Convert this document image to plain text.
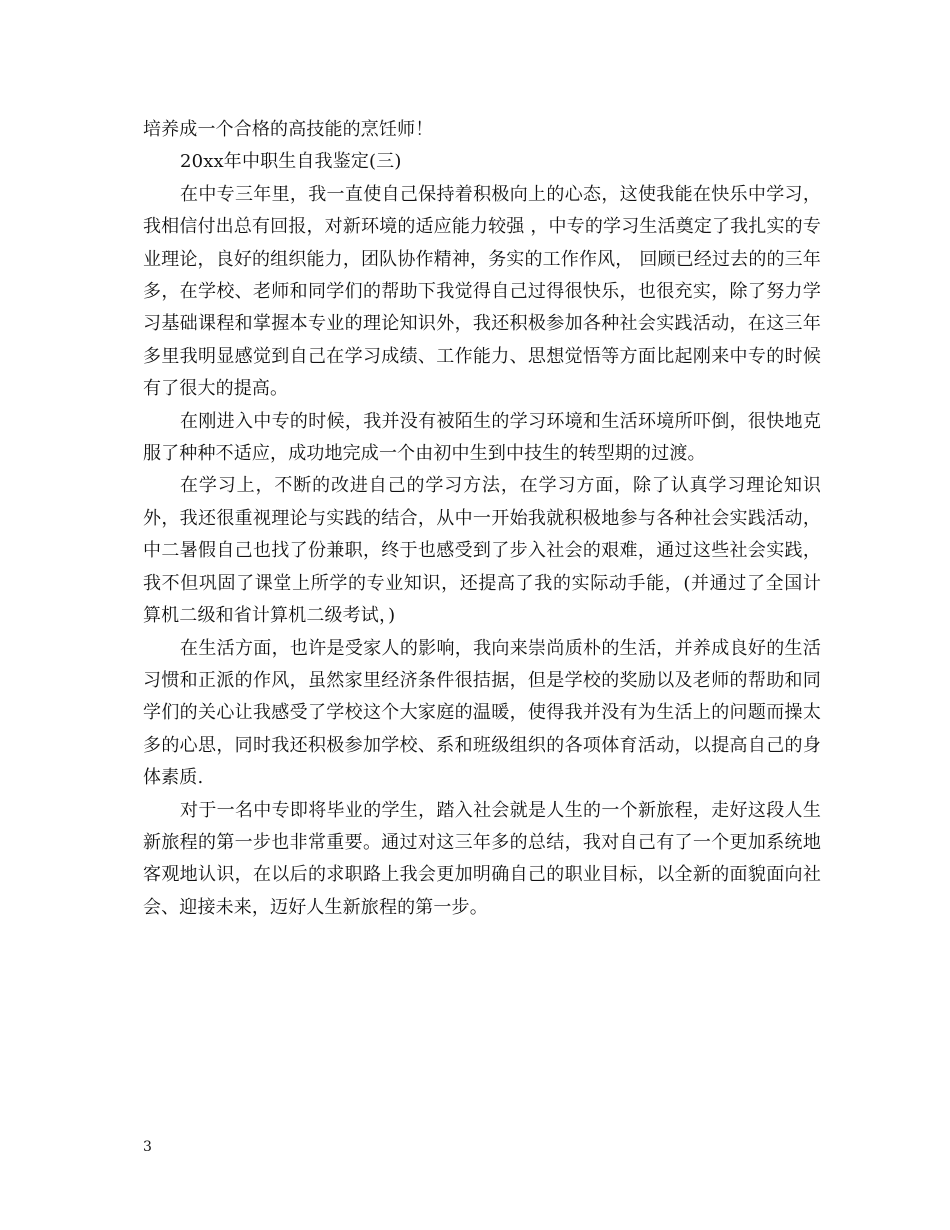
培养成一个合格的高技能的烹饪师！

20xx年中职生自我鉴定(三)

在中专三年里，我一直使自己保持着积极向上的心态，这使我能在快乐中学习，我相信付出总有回报，对新环境的适应能力较强 ，中专的学习生活奠定了我扎实的专业理论，良好的组织能力，团队协作精神，务实的工作作风， 回顾已经过去的的三年多，在学校、老师和同学们的帮助下我觉得自己过得很快乐，也很充实，除了努力学习基础课程和掌握本专业的理论知识外，我还积极参加各种社会实践活动，在这三年多里我明显感觉到自己在学习成绩、工作能力、思想觉悟等方面比起刚来中专的时候有了很大的提高。

在刚进入中专的时候，我并没有被陌生的学习环境和生活环境所吓倒，很快地克服了种种不适应，成功地完成一个由初中生到中技生的转型期的过渡。

在学习上，不断的改进自己的学习方法，在学习方面，除了认真学习理论知识外，我还很重视理论与实践的结合，从中一开始我就积极地参与各种社会实践活动，中二暑假自己也找了份兼职，终于也感受到了步入社会的艰难，通过这些社会实践，我不但巩固了课堂上所学的专业知识，还提高了我的实际动手能，(并通过了全国计算机二级和省计算机二级考试，)

在生活方面，也许是受家人的影响，我向来崇尚质朴的生活，并养成良好的生活习惯和正派的作风，虽然家里经济条件很拮据，但是学校的奖励以及老师的帮助和同学们的关心让我感受了学校这个大家庭的温暖，使得我并没有为生活上的问题而操太多的心思，同时我还积极参加学校、系和班级组织的各项体育活动，以提高自己的身体素质.

对于一名中专即将毕业的学生，踏入社会就是人生的一个新旅程，走好这段人生新旅程的第一步也非常重要。通过对这三年多的总结，我对自己有了一个更加系统地客观地认识，在以后的求职路上我会更加明确自己的职业目标，以全新的面貌面向社会、迎接未来，迈好人生新旅程的第一步。

3
